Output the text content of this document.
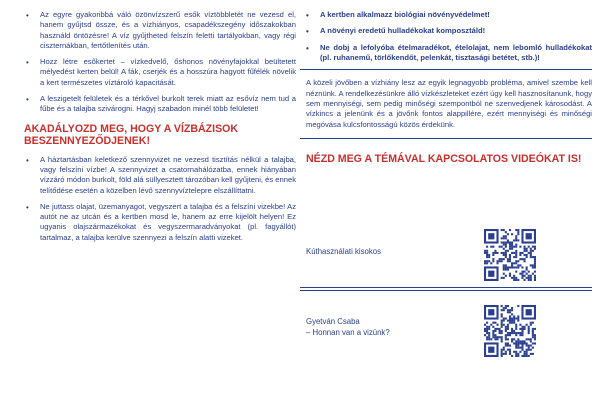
• Az egyre gyakoribbá váló özönvízszerű esők víztöbbletét ne vezesd el, hanem gyűjtsd össze, és a vízhiányos, csapadékszegény időszakokban használd öntözésre! A víz gyűjtheted felszín feletti tartályokban, vagy régi ciszternákban, fertőtlenítés után.
• Hozz létre esőkertet – vízkedvelő, őshonos növényfajokkal beültetett mélyedést kerten belül! A fák, cserjék és a hosszúra hagyott fűfélék növelik a kert természetes víztároló kapacitását.
• A leszigetelt felületek és a térkővel burkolt terek miatt az esővíz nem tud a fűbe és a talajba szivárogni. Hagyj szabadon minél több felületet!
AKADÁLYOZD MEG, HOGY A VÍZBÁZISOK BESZENNYEZŐDJENEK!
• A háztartásban keletkező szennyvizet ne vezesd tisztítás nélkül a talajba, vagy felszíni vízbe! A szennyvizet a csatornahálózatba, ennek hiányában vízzáró módon burkolt, föld alá süllyesztett tározóban kell gyűjteni, és ennek telítődése esetén a közelben lévő szennyvíztelepre elszállíttatni.
• Ne juttass olajat, üzemanyagot, vegyszert a talajba és a felszíni vizekbe! Az autót ne az utcán és a kertben mosd le, hanem az erre kijelölt helyen! Ez ugyanis olajszármazékokat és vegyszermaradványokat (pl. fagyállót) tartalmaz, a talajba kerülve szennyezi a felszín alatti vizeket.
• A kertben alkalmazz biológiai növényvédelmet!
• A növényi eredetű hulladékokat komposztáld!
• Ne dobj a lefolyóba ételmaradékot, ételolajat, nem lebomló hulladékokat (pl. ruhanemű, törlőkendőt, pelenkát, tisztasági betétet, stb.)!
A közeli jövőben a vízhiány lesz az egyik legnagyobb probléma, amivel szembe kell néznünk. A rendelkezésünkre álló vízkészleteket ezért úgy kell hasznosítanunk, hogy sem mennyiségi, sem pedig minőségi szempontból ne szenvedjenek károsodást. A vízkincs a jelenünk és a jövőnk fontos alappillére, ezért mennyiségi és minőségi megóvása kulcsfontosságú közös érdekünk.
NÉZD MEG A TÉMÁVAL KAPCSOLATOS VIDEÓKAT IS!
Kúthasználati kisokos
Gyetván Csaba
– Honnan van a vizünk?
